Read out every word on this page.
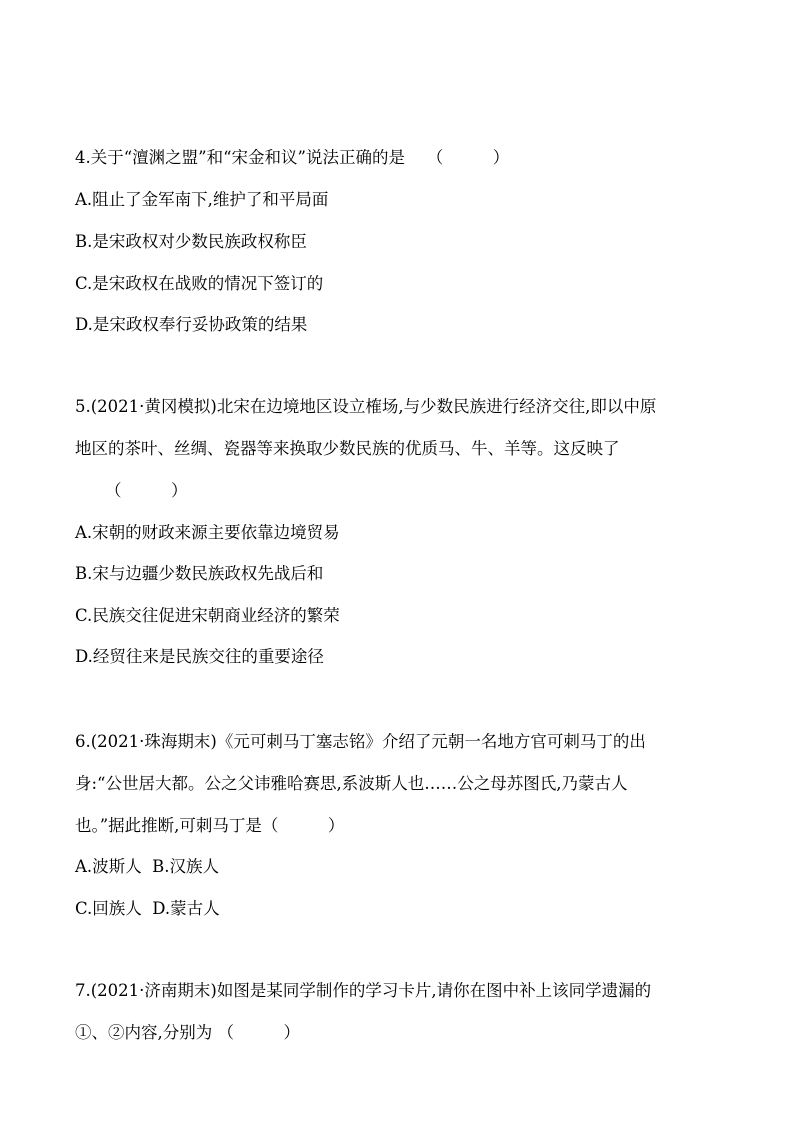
4.关于“澶渊之盟”和“宋金和议”说法正确的是　 （　　　）
A.阻止了金军南下,维护了和平局面
B.是宋政权对少数民族政权称臣
C.是宋政权在战败的情况下签订的
D.是宋政权奉行妥协政策的结果
5.(2021·黄冈模拟)北宋在边境地区设立榷场,与少数民族进行经济交往,即以中原
地区的茶叶、丝绸、瓷器等来换取少数民族的优质马、牛、羊等。这反映了
（　　　）
A.宋朝的财政来源主要依靠边境贸易
B.宋与边疆少数民族政权先战后和
C.民族交往促进宋朝商业经济的繁荣
D.经贸往来是民族交往的重要途径
6.(2021·珠海期末)《元可刺马丁塞志铭》介绍了元朝一名地方官可刺马丁的出
身:“公世居大都。公之父讳雅哈赛思,系波斯人也……公之母苏图氏,乃蒙古人
也。”据此推断,可刺马丁是（　　　）
A.波斯人  B.汉族人
C.回族人  D.蒙古人
7.(2021·济南期末)如图是某同学制作的学习卡片,请你在图中补上该同学遗漏的
①、②内容,分别为 （　　　）
